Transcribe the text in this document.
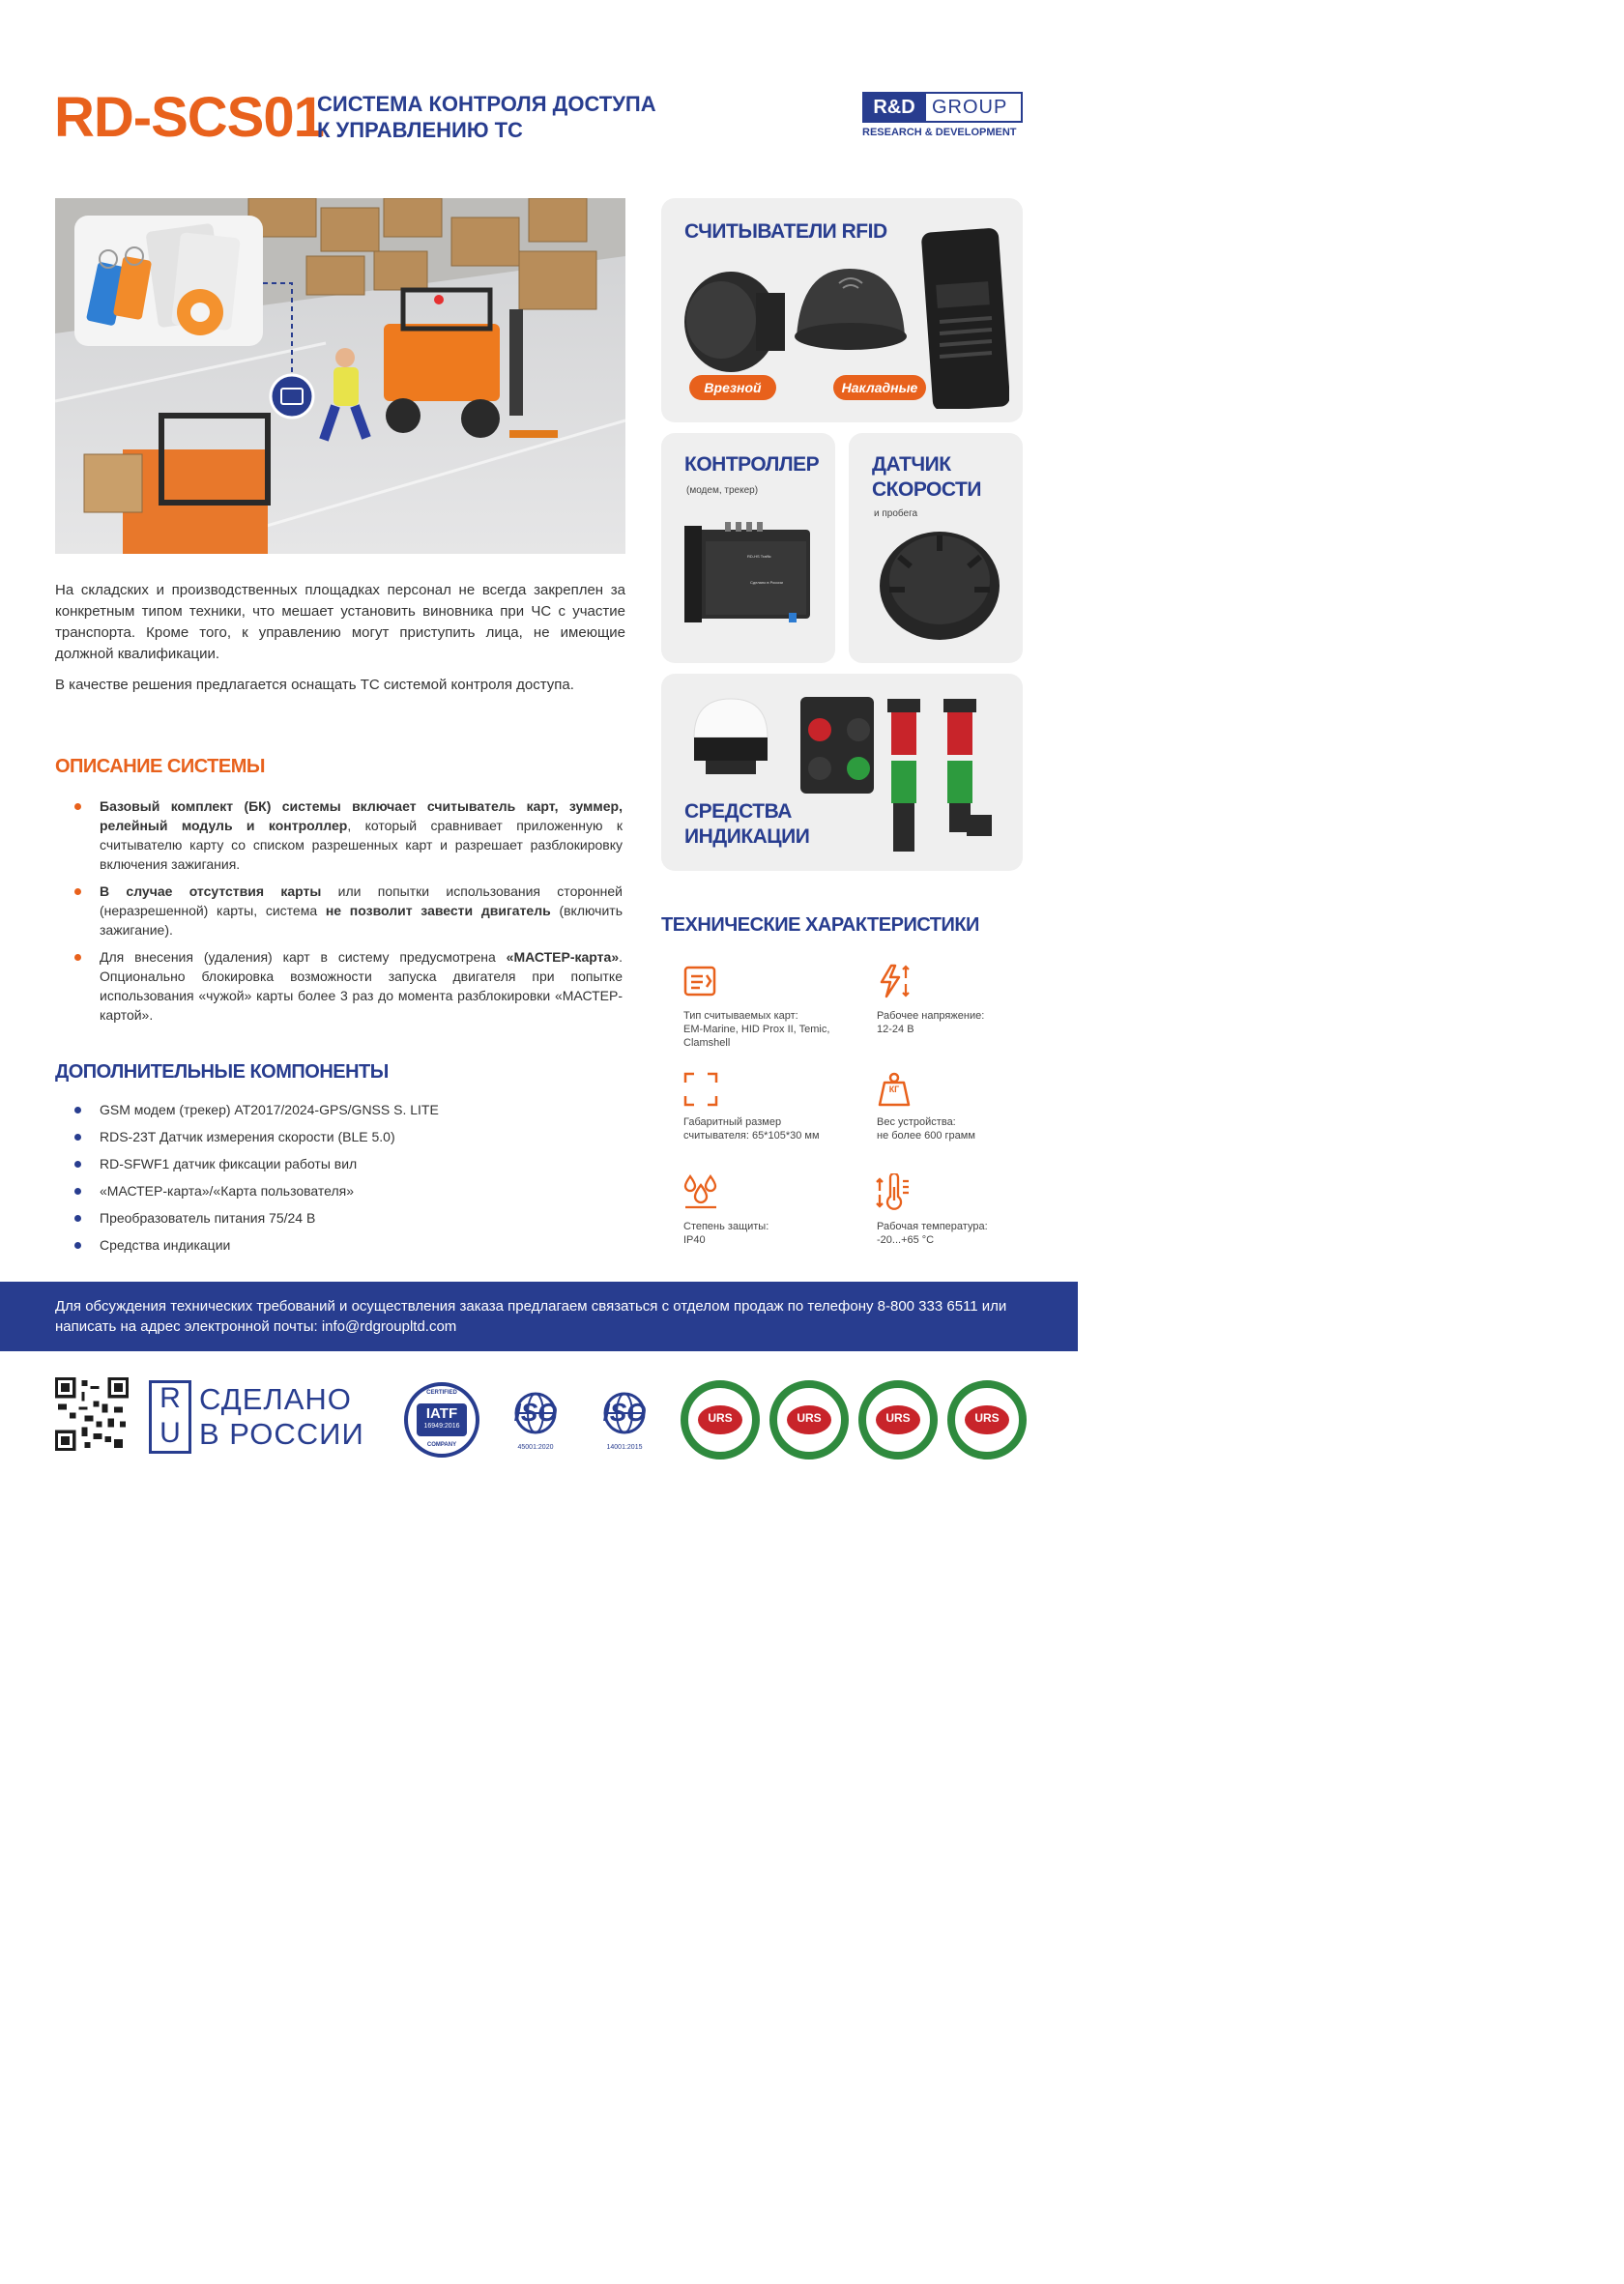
RD-SCS01
СИСТЕМА КОНТРОЛЯ ДОСТУПА
К УПРАВЛЕНИЮ ТС
R&D GROUP
RESEARCH & DEVELOPMENT
На складских и производственных площадках персонал не всегда закреплен за конкретным типом техники, что мешает установить виновника при ЧС с участие транспорта. Кроме того, к управлению могут приступить лица, не имеющие должной квалификации.
В качестве решения предлагается оснащать ТС системой контроля доступа.
ОПИСАНИЕ СИСТЕМЫ
Базовый комплект (БК) системы включает считыватель карт, зуммер, релейный модуль и контроллер, который сравнивает приложенную к считывателю карту со списком разрешенных карт и разрешает разблокировку включения зажигания.
В случае отсутствия карты или попытки использования сторонней (неразрешенной) карты, система не позволит завести двигатель (включить зажигание).
Для внесения (удаления) карт в систему предусмотрена «МАСТЕР-карта». Опционально блокировка возможности запуска двигателя при попытке использования «чужой» карты более 3 раз до момента разблокировки «МАСТЕР-картой».
ДОПОЛНИТЕЛЬНЫЕ КОМПОНЕНТЫ
GSM модем (трекер) AT2017/2024-GPS/GNSS S. LITE
RDS-23T Датчик измерения скорости (BLE 5.0)
RD-SFWF1 датчик фиксации работы вил
«МАСТЕР-карта»/«Карта пользователя»
Преобразователь питания 75/24 В
Средства индикации
СЧИТЫВАТЕЛИ RFID
Врезной	Накладные
КОНТРОЛЛЕР
(модем, трекер)
RD-HS Traffic
Сделано в России
ДАТЧИК
СКОРОСТИ
и пробега
СРЕДСТВА
ИНДИКАЦИИ
ТЕХНИЧЕСКИЕ ХАРАКТЕРИСТИКИ
Тип считываемых карт:
EM-Marine, HID Prox II, Temic,
Clamshell
Рабочее напряжение:
12-24 В
Габаритный размер
считывателя: 65*105*30 мм
КГ
Вес устройства:
не более 600 грамм
Степень защиты:
IP40
Рабочая температура:
-20...+65 °С
Для обсуждения технических требований и осуществления заказа предлагаем связаться с отделом продаж по телефону 8-800 333 6511 или написать на адрес электронной почты: info@rdgroupltd.com
R
U
СДЕЛАНО
В РОССИИ
CERTIFIED
IATF
16949:2016
COMPANY
ISO
45001:2020
ISO
14001:2015
URS	URS	URS	URS
